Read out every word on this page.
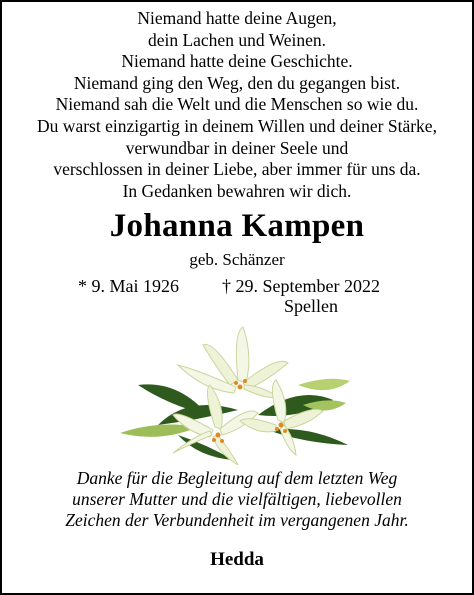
Niemand hatte deine Augen,
dein Lachen und Weinen.
Niemand hatte deine Geschichte.
Niemand ging den Weg, den du gegangen bist.
Niemand sah die Welt und die Menschen so wie du.
Du warst einzigartig in deinem Willen und deiner Stärke,
verwundbar in deiner Seele und
verschlossen in deiner Liebe, aber immer für uns da.
In Gedanken bewahren wir dich.
Johanna Kampen
geb. Schänzer
* 9. Mai 1926 † 29. September 2022
Spellen
Danke für die Begleitung auf dem letzten Weg
unserer Mutter und die vielfältigen, liebevollen
Zeichen der Verbundenheit im vergangenen Jahr.
Hedda
